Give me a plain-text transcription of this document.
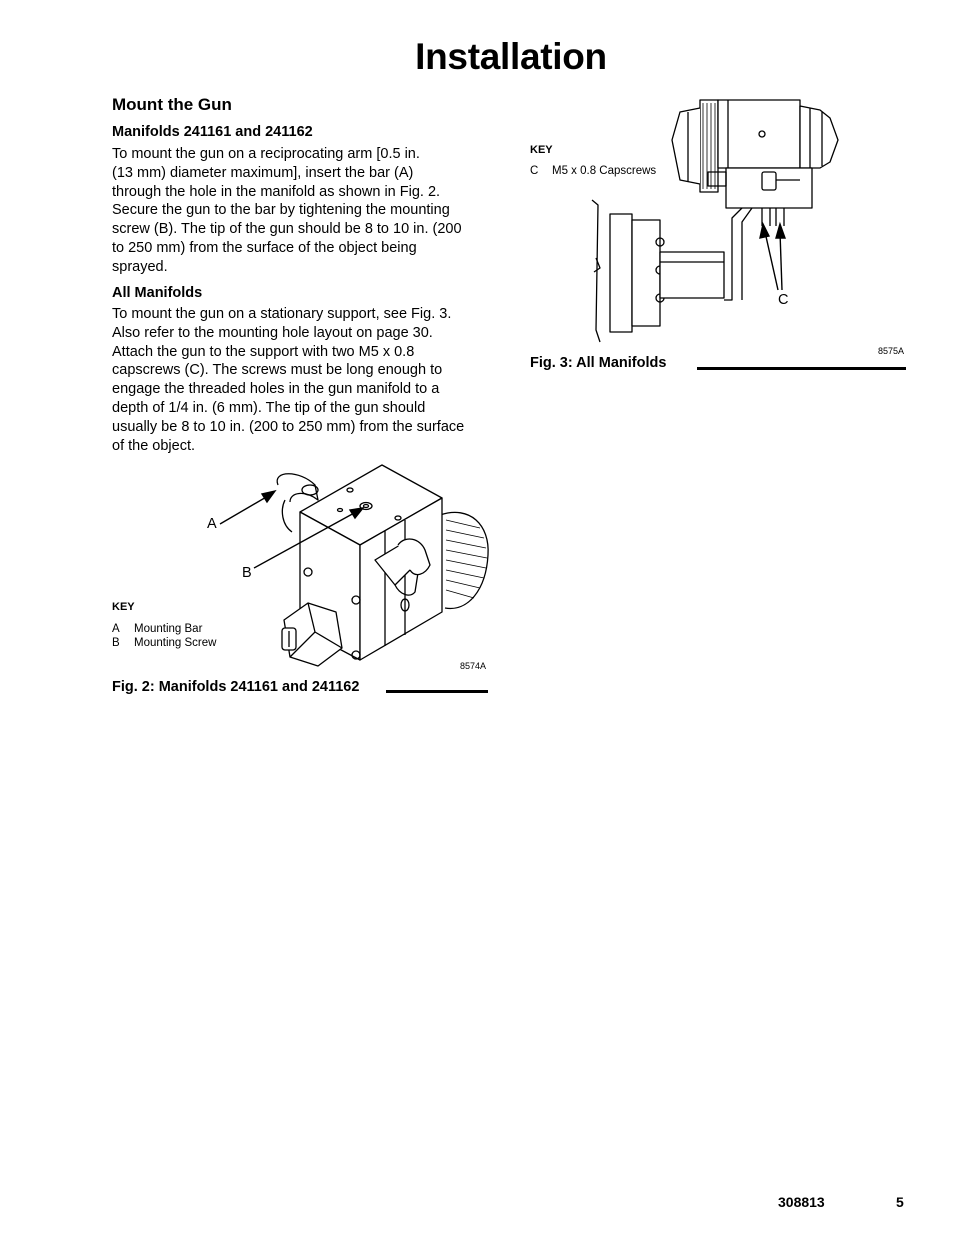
Installation
Mount the Gun
Manifolds 241161 and 241162
To mount the gun on a reciprocating arm [0.5 in.
(13 mm) diameter maximum], insert the bar (A)
through the hole in the manifold as shown in Fig. 2.
Secure the gun to the bar by tightening the mounting
screw (B). The tip of the gun should be 8 to 10 in. (200
to 250 mm) from the surface of the object being
sprayed.
All Manifolds
To mount the gun on a stationary support, see Fig. 3.
Also refer to the mounting hole layout on page 30.
Attach the gun to the support with two M5 x 0.8
capscrews (C). The screws must be long enough to
engage the threaded holes in the gun manifold to a
depth of 1/4 in. (6 mm). The tip of the gun should
usually be 8 to 10 in. (200 to 250 mm) from the surface
of the object.
A
B
KEY
A Mounting Bar
B Mounting Screw
8574A
Fig. 2: Manifolds 241161 and 241162
KEY
C M5 x 0.8 Capscrews
C
8575A
Fig. 3: All Manifolds
308813	5
